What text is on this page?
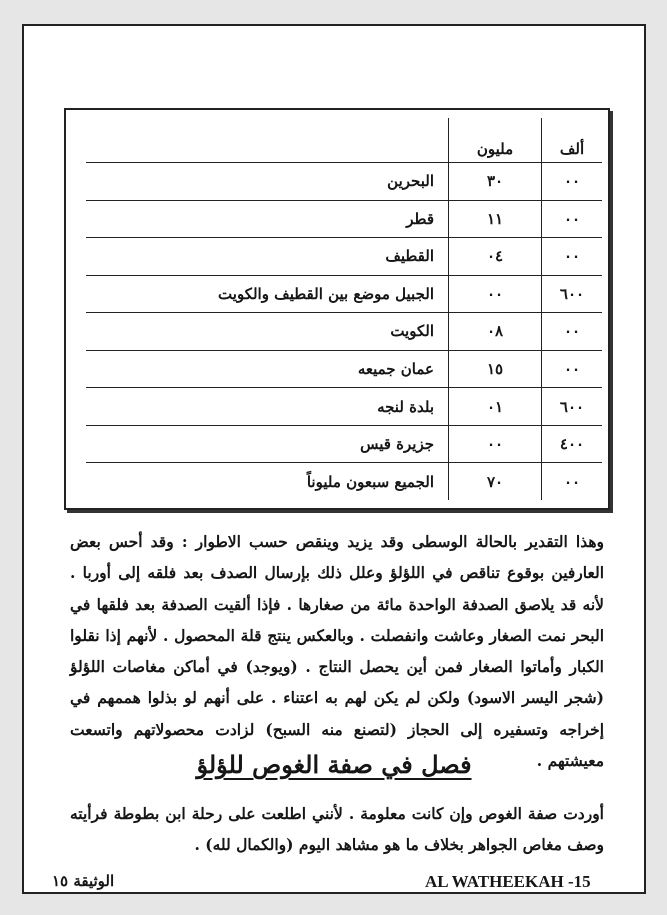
ألف	مليون	
٠٠	٣٠	البحرين
٠٠	١١	قطر
٠٠	٠٤	القطيف
٦٠٠	٠٠	الجبيل موضع بين القطيف والكويت
٠٠	٠٨	الكويت
٠٠	١٥	عمان جميعه
٦٠٠	٠١	بلدة لنجه
٤٠٠	٠٠	جزيرة قيس
٠٠	٧٠	الجميع سبعون مليوناً
وهذا التقدير بالحالة الوسطى وقد يزيد وينقص حسب الاطوار : وقد أحس بعض العارفين بوقوع تناقص في اللؤلؤ وعلل ذلك بإرسال الصدف بعد فلقه إلى أوربا . لأنه قد يلاصق الصدفة الواحدة مائة من صغارها . فإذا ألقيت الصدفة بعد فلقها في البحر نمت الصغار وعاشت وانفصلت . وبالعكس ينتج قلة المحصول . لأنهم إذا نقلوا الكبار وأماتوا الصغار فمن أين يحصل النتاج . (ويوجد) في أماكن مغاصات اللؤلؤ (شجر اليسر الاسود) ولكن لم يكن لهم به اعتناء . على أنهم لو بذلوا هممهم في إخراجه وتسفيره إلى الحجاز (لتصنع منه السبح) لزادت محصولاتهم واتسعت معيشتهم .
فصل في صفة الغوص للؤلؤ
أوردت صفة الغوص وإن كانت معلومة . لأنني اطلعت على رحلة ابن بطوطة فرأيته وصف مغاص الجواهر بخلاف ما هو مشاهد اليوم (والكمال لله) .
AL WATHEEKAH -15
الوثيقة ١٥
